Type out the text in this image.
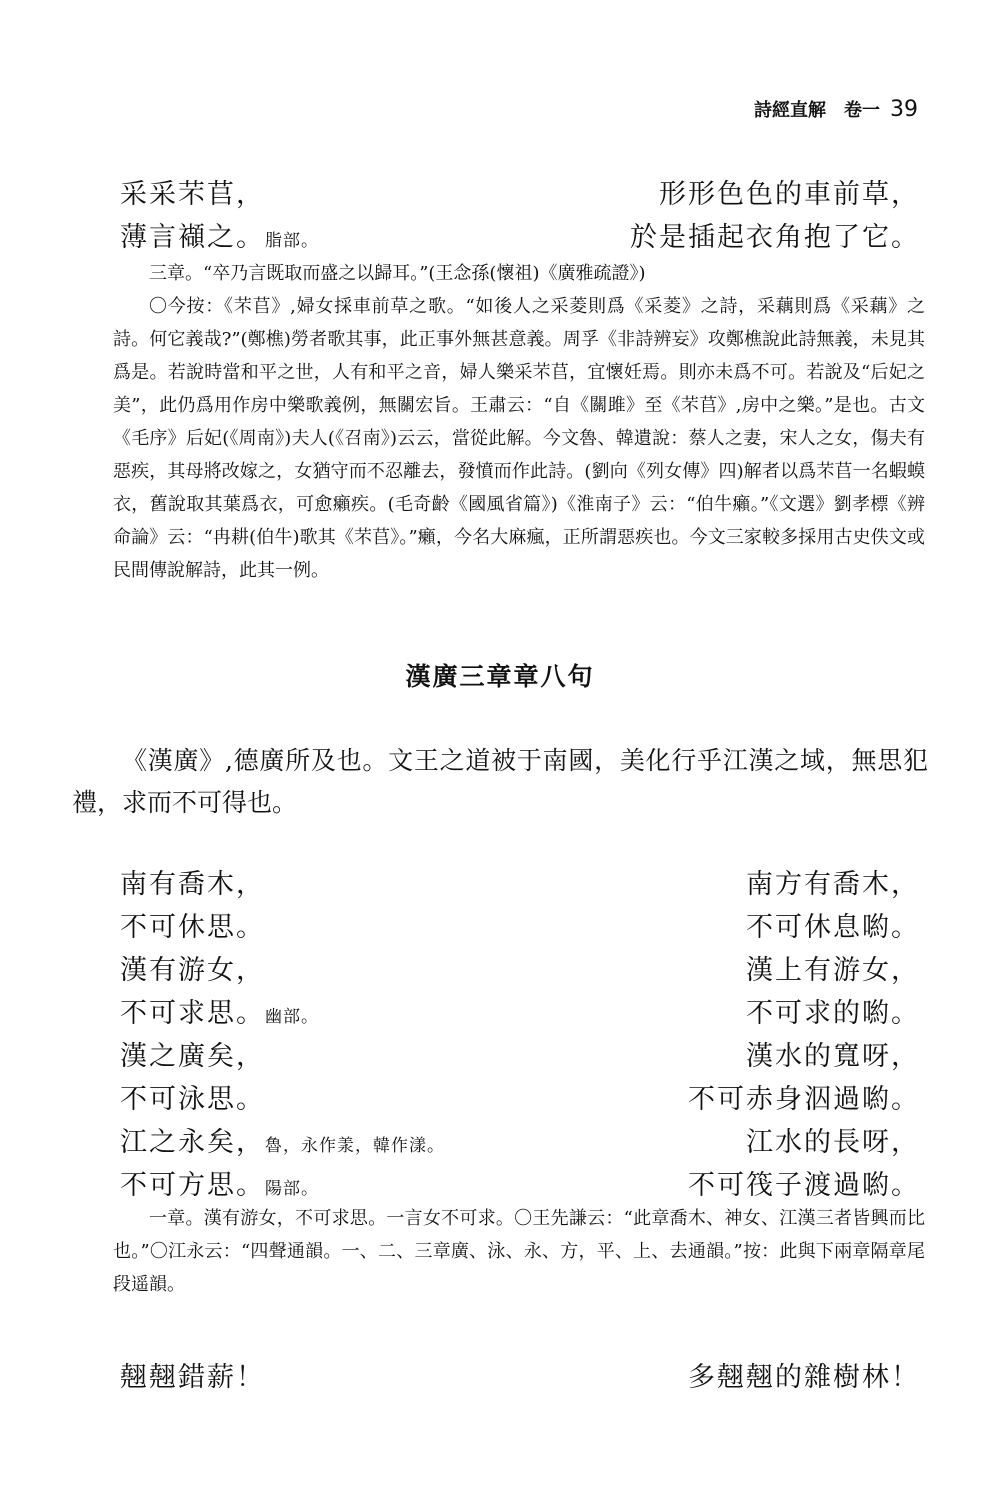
詩經直解　卷一 39
采采芣苢，	形形色色的車前草，
薄言襭之。脂部。	於是插起衣角抱了它。

三章。“卒乃言既取而盛之以歸耳。”(王念孫(懷祖)《廣雅疏證》)

〇今按：《芣苢》,婦女採車前草之歌。“如後人之采菱則爲《采菱》之詩，采藕則爲《采藕》之詩。何它義哉?”(鄭樵)勞者歌其事，此正事外無甚意義。周孚《非詩辨妄》攻鄭樵說此詩無義，未見其爲是。若說時當和平之世，人有和平之音，婦人樂采芣苢，宜懷妊焉。則亦未爲不可。若說及“后妃之美”，此仍爲用作房中樂歌義例，無關宏旨。王肅云：“自《關雎》至《芣苢》,房中之樂。”是也。古文《毛序》后妃(《周南》)夫人(《召南》)云云，當從此解。今文魯、韓遺說：蔡人之妻，宋人之女，傷夫有惡疾，其母將改嫁之，女猶守而不忍離去，發憤而作此詩。(劉向《列女傳》四)解者以爲芣苢一名蝦蟆衣，舊說取其葉爲衣，可愈癩疾。(毛奇齡《國風省篇》)《淮南子》云：“伯牛癩。”《文選》劉孝標《辨命論》云：“冉耕(伯牛)歌其《芣苢》。”癩，今名大麻瘋，正所謂惡疾也。今文三家較多採用古史佚文或民間傳說解詩，此其一例。

漢廣三章章八句
《漢廣》,德廣所及也。文王之道被于南國，美化行乎江漢之域，無思犯禮，求而不可得也。
南有喬木，	南方有喬木，
不可休思。	不可休息喲。
漢有游女，	漢上有游女，
不可求思。幽部。	不可求的喲。
漢之廣矣，	漢水的寬呀，
不可泳思。	不可赤身泅過喲。
江之永矣，魯，永作羕，韓作漾。	江水的長呀，
不可方思。陽部。	不可筏子渡過喲。

一章。漢有游女，不可求思。一言女不可求。〇王先謙云：“此章喬木、神女、江漢三者皆興而比也。”〇江永云：“四聲通韻。一、二、三章廣、泳、永、方，平、上、去通韻。”按：此與下兩章隔章尾段遥韻。

翹翹錯薪！	多翹翹的雜樹林！
